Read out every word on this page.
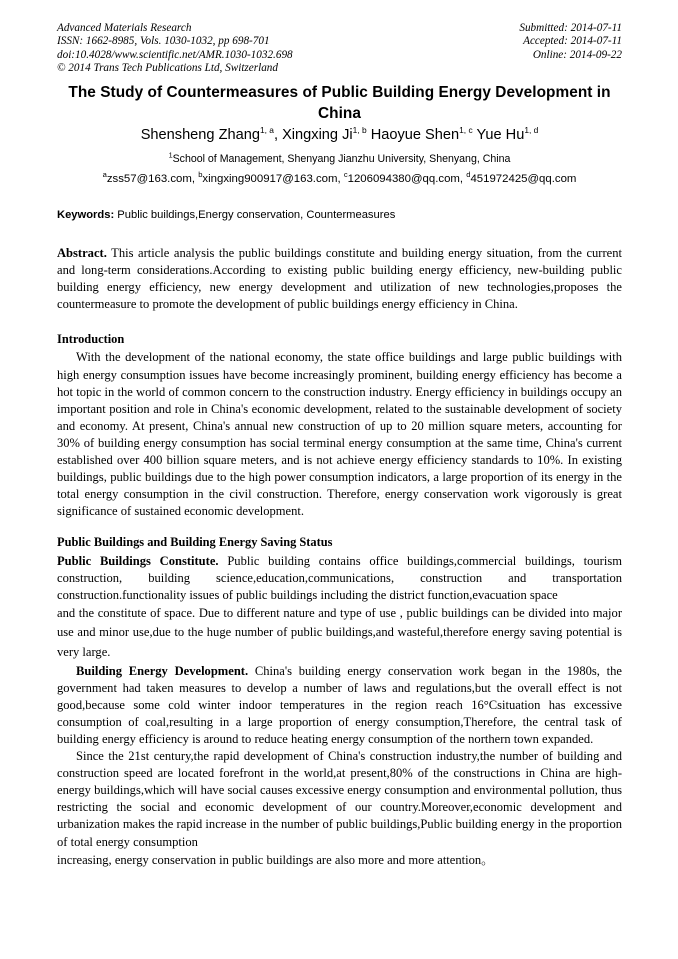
Advanced Materials Research
ISSN: 1662-8985, Vols. 1030-1032, pp 698-701
doi:10.4028/www.scientific.net/AMR.1030-1032.698
© 2014 Trans Tech Publications Ltd, Switzerland
Submitted: 2014-07-11
Accepted: 2014-07-11
Online: 2014-09-22
The Study of Countermeasures of Public Building Energy Development in China
Shensheng Zhang$^{1, a}$, Xingxing Ji$^{1, b}$ Haoyue Shen$^{1, c}$ Yue Hu$^{1, d}$
$^1$School of Management, Shenyang Jianzhu University, Shenyang, China
$^a$zss57@163.com, $^b$xingxing900917@163.com, $^c$1206094380@qq.com, $^d$451972425@qq.com
Keywords: Public buildings,Energy conservation, Countermeasures

Abstract. This article analysis the public buildings constitute and building energy situation, from the current and long-term considerations.According to existing public building energy efficiency, new-building public building energy efficiency, new energy development and utilization of new technologies,proposes the countermeasure to promote the development of public buildings energy efficiency in China.

Introduction

With the development of the national economy, the state office buildings and large public buildings with high energy consumption issues have become increasingly prominent, building energy efficiency has become a hot topic in the world of common concern to the construction industry. Energy efficiency in buildings occupy an important position and role in China's economic development, related to the sustainable development of society and economy. At present, China's annual new construction of up to 20 million square meters, accounting for 30% of building energy consumption has social terminal energy consumption at the same time, China's current established over 400 billion square meters, and is not achieve energy efficiency standards to 10%. In existing buildings, public buildings due to the high power consumption indicators, a large proportion of its energy in the total energy consumption in the civil construction. Therefore, energy conservation work vigorously is great significance of sustained economic development.

Public Buildings and Building Energy Saving Status

Public Buildings Constitute. Public building contains office buildings,commercial buildings, tourism construction, building science,education,communications, construction and transportation construction.functionality issues of public buildings including the district function,evacuation space

and the constitute of space. Due to different nature and type of use , public buildings can be divided into major use and minor use,due to the huge number of public buildings,and wasteful,therefore energy saving potential is very large.

Building Energy Development. China's building energy conservation work began in the 1980s, the government had taken measures to develop a number of laws and regulations,but the overall effect is not good,because some cold winter indoor temperatures in the region reach 16°Csituation has excessive consumption of coal,resulting in a large proportion of energy consumption,Therefore, the central task of building energy efficiency is around to reduce heating energy consumption of the northern town expanded.

Since the 21st century,the rapid development of China's construction industry,the number of building and construction speed are located forefront in the world,at present,80% of the constructions in China are high-energy buildings,which will have social causes excessive energy consumption and environmental pollution, thus restricting the social and economic development of our country.Moreover,economic development and urbanization makes the rapid increase in the number of public buildings,Public building energy in the proportion of total energy consumption

increasing, energy conservation in public buildings are also more and more attention。
